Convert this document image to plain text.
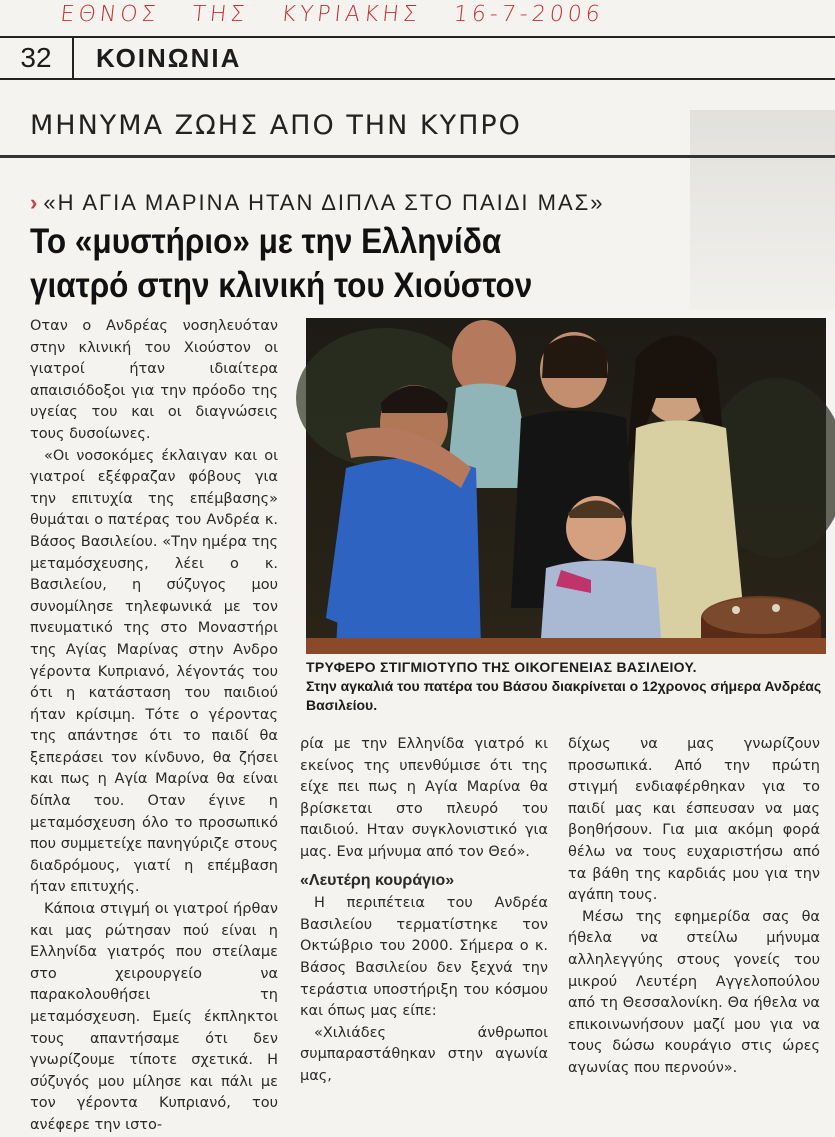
ΕΘΝΟΣ ΤΗΣ ΚΥΡΙΑΚΗΣ 16-7-2006
32	ΚΟΙΝΩΝΙΑ
ΜΗΝΥΜΑ ΖΩΗΣ ΑΠΟ ΤΗΝ ΚΥΠΡΟ
› «Η ΑΓΙΑ ΜΑΡΙΝΑ ΗΤΑΝ ΔΙΠΛΑ ΣΤΟ ΠΑΙΔΙ ΜΑΣ»
Το «μυστήριο» με την Ελληνίδα
γιατρό στην κλινική του Χιούστον

Οταν ο Ανδρέας νοσηλευόταν στην κλινική του Χιούστον οι γιατροί ήταν ιδιαίτερα απαισιόδοξοι για την πρόοδο της υγείας του και οι διαγνώσεις τους δυσοίωνες.

«Οι νοσοκόμες έκλαιγαν και οι γιατροί εξέφραζαν φόβους για την επιτυχία της επέμβασης» θυμάται ο πατέρας του Ανδρέα κ. Βάσος Βασιλείου. «Την ημέρα της μεταμόσχευσης, λέει ο κ. Βασιλείου, η σύζυγος μου συνομίλησε τηλεφωνικά με τον πνευματικό της στο Μοναστήρι της Αγίας Μαρίνας στην Ανδρο γέροντα Κυπριανό, λέγοντάς του ότι η κατάσταση του παιδιού ήταν κρίσιμη. Τότε ο γέροντας της απάντησε ότι το παιδί θα ξεπεράσει τον κίνδυνο, θα ζήσει και πως η Αγία Μαρίνα θα είναι δίπλα του. Οταν έγινε η μεταμόσχευση όλο το προσωπικό που συμμετείχε πανηγύριζε στους διαδρόμους, γιατί η επέμβαση ήταν επιτυχής.

Κάποια στιγμή οι γιατροί ήρθαν και μας ρώτησαν πού είναι η Ελληνίδα γιατρός που στείλαμε στο χειρουργείο να παρακολουθήσει τη μεταμόσχευση. Εμείς έκπληκτοι τους απαντήσαμε ότι δεν γνωρίζουμε τίποτε σχετικά. Η σύζυγός μου μίλησε και πάλι με τον γέροντα Κυπριανό, του ανέφερε την ιστο-

ΤΡΥΦΕΡΟ ΣΤΙΓΜΙΟΤΥΠΟ ΤΗΣ ΟΙΚΟΓΕΝΕΙΑΣ ΒΑΣΙΛΕΙΟΥ.
Στην αγκαλιά του πατέρα του Βάσου διακρίνεται ο 12χρονος σήμερα Ανδρέας Βασιλείου.

ρία με την Ελληνίδα γιατρό κι εκείνος της υπενθύμισε ότι της είχε πει πως η Αγία Μαρίνα θα βρίσκεται στο πλευρό του παιδιού. Ηταν συγκλονιστικό για μας. Ενα μήνυμα από τον Θεό».

«Λευτέρη κουράγιο»

Η περιπέτεια του Ανδρέα Βασιλείου τερματίστηκε τον Οκτώβριο του 2000. Σήμερα ο κ. Βάσος Βασιλείου δεν ξεχνά την τεράστια υποστήριξη του κόσμου και όπως μας είπε:

«Χιλιάδες άνθρωποι συμπαραστάθηκαν στην αγωνία μας,

δίχως να μας γνωρίζουν προσωπικά. Από την πρώτη στιγμή ενδιαφέρθηκαν για το παιδί μας και έσπευσαν να μας βοηθήσουν. Για μια ακόμη φορά θέλω να τους ευχαριστήσω από τα βάθη της καρδιάς μου για την αγάπη τους.

Μέσω της εφημερίδα σας θα ήθελα να στείλω μήνυμα αλληλεγγύης στους γονείς του μικρού Λευτέρη Αγγελοπούλου από τη Θεσσαλονίκη. Θα ήθελα να επικοινωνήσουν μαζί μου για να τους δώσω κουράγιο στις ώρες αγωνίας που περνούν».
